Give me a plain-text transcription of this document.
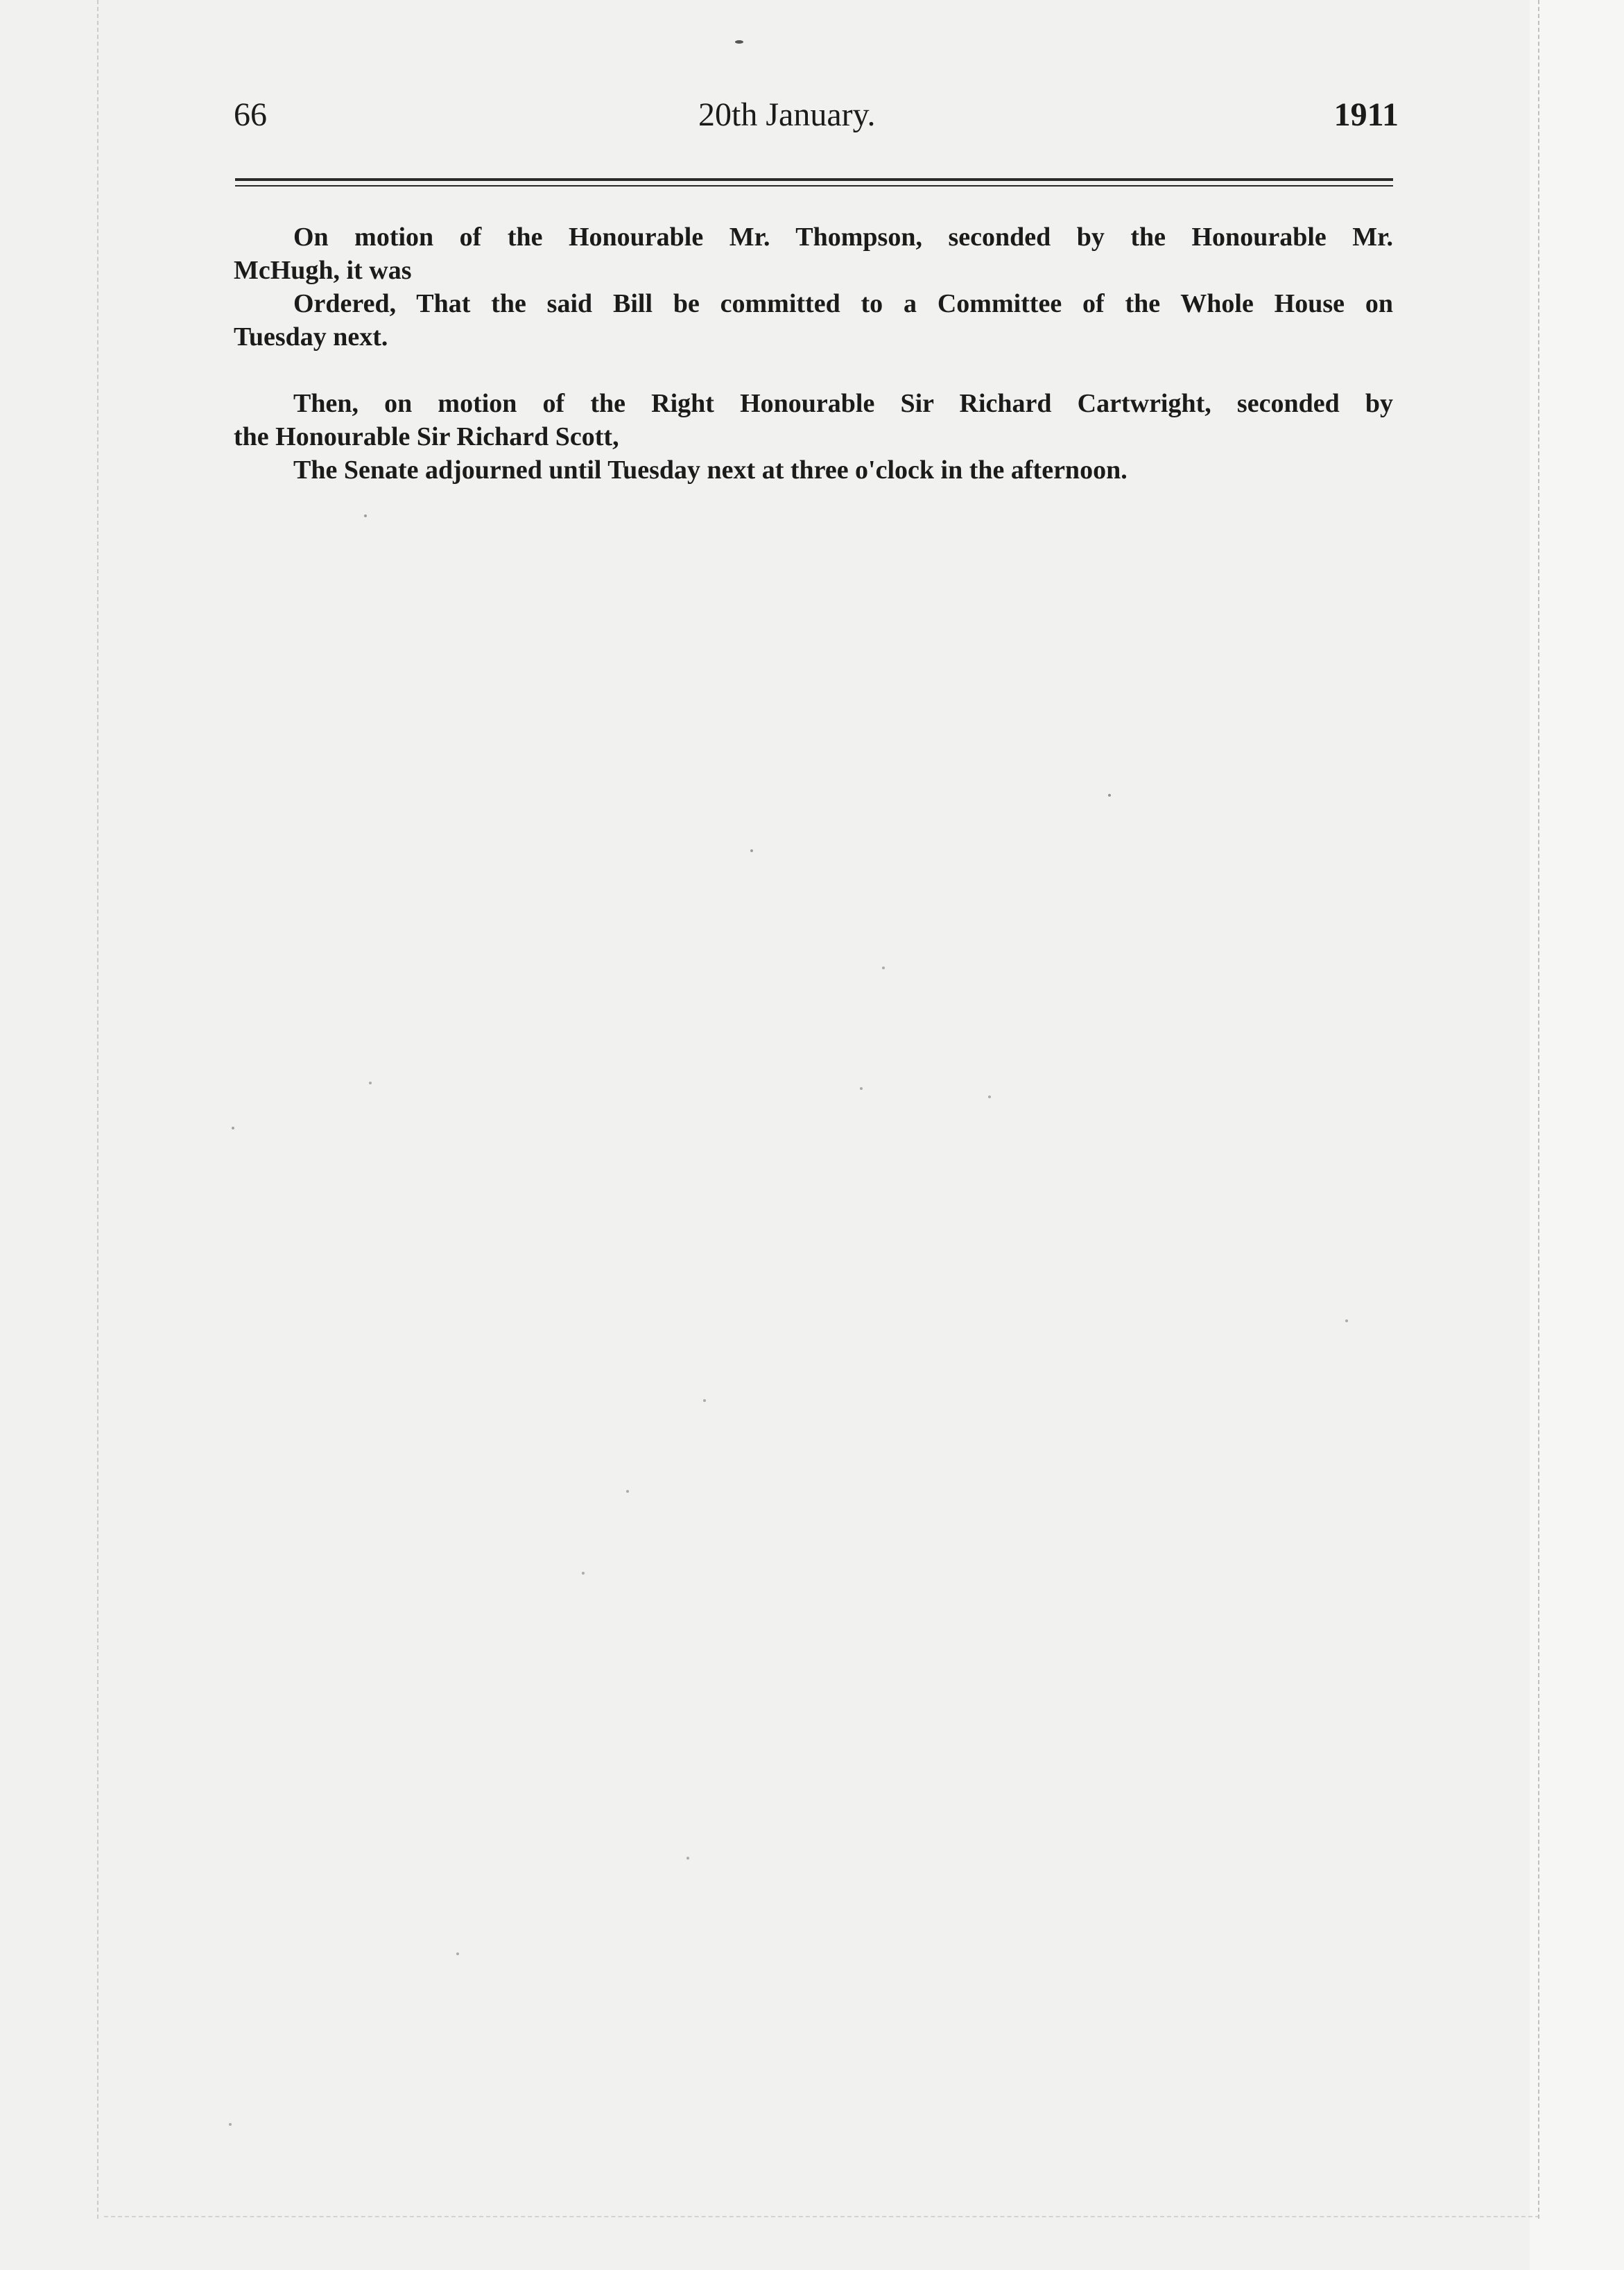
66	20th January.	1911
On motion of the Honourable Mr. Thompson, seconded by the Honourable Mr.
McHugh, it was
Ordered, That the said Bill be committed to a Committee of the Whole House on
Tuesday next.
Then, on motion of the Right Honourable Sir Richard Cartwright, seconded by
the Honourable Sir Richard Scott,
The Senate adjourned until Tuesday next at three o'clock in the afternoon.
